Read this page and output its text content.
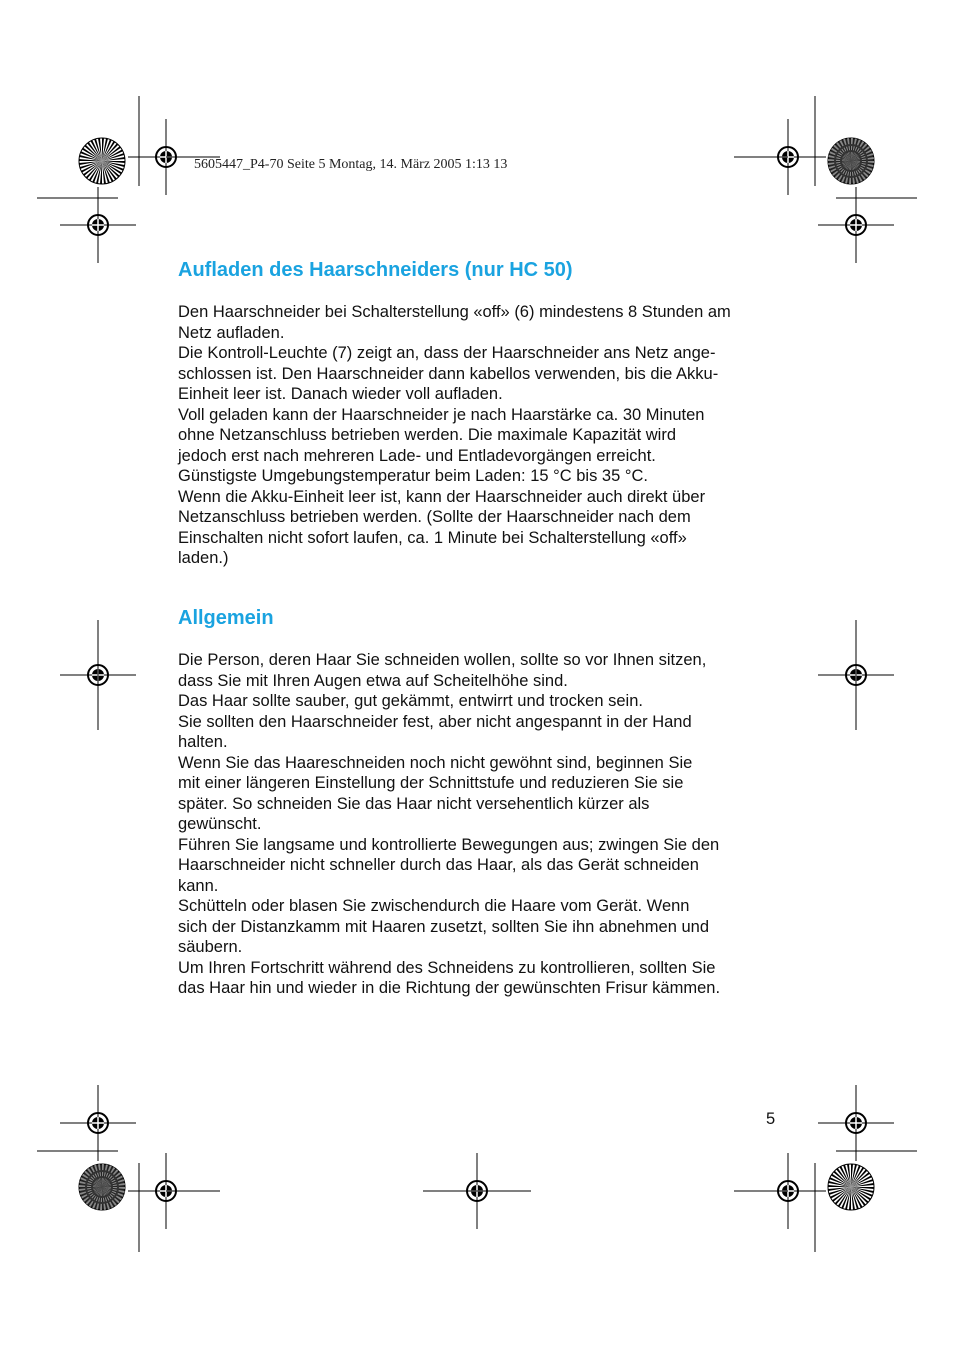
5605447_P4-70 Seite 5 Montag, 14. März 2005 1:13 13
Aufladen des Haarschneiders (nur HC 50)

Den Haarschneider bei Schalterstellung «off» (6) mindestens 8 Stunden am
Netz aufladen.
Die Kontroll-Leuchte (7) zeigt an, dass der Haarschneider ans Netz ange-
schlossen ist. Den Haarschneider dann kabellos verwenden, bis die Akku-
Einheit leer ist. Danach wieder voll aufladen.
Voll geladen kann der Haarschneider je nach Haarstärke ca. 30 Minuten
ohne Netzanschluss betrieben werden. Die maximale Kapazität wird
jedoch erst nach mehreren Lade- und Entladevorgängen erreicht.
Günstigste Umgebungstemperatur beim Laden: 15 °C bis 35 °C.
Wenn die Akku-Einheit leer ist, kann der Haarschneider auch direkt über
Netzanschluss betrieben werden. (Sollte der Haarschneider nach dem
Einschalten nicht sofort laufen, ca. 1 Minute bei Schalterstellung «off»
laden.)

Allgemein

Die Person, deren Haar Sie schneiden wollen, sollte so vor Ihnen sitzen,
dass Sie mit Ihren Augen etwa auf Scheitelhöhe sind.
Das Haar sollte sauber, gut gekämmt, entwirrt und trocken sein.
Sie sollten den Haarschneider fest, aber nicht angespannt in der Hand
halten.
Wenn Sie das Haareschneiden noch nicht gewöhnt sind, beginnen Sie
mit einer längeren Einstellung der Schnittstufe und reduzieren Sie sie
später. So schneiden Sie das Haar nicht versehentlich kürzer als
gewünscht.
Führen Sie langsame und kontrollierte Bewegungen aus; zwingen Sie den
Haarschneider nicht schneller durch das Haar, als das Gerät schneiden
kann.
Schütteln oder blasen Sie zwischendurch die Haare vom Gerät. Wenn
sich der Distanzkamm mit Haaren zusetzt, sollten Sie ihn abnehmen und
säubern.
Um Ihren Fortschritt während des Schneidens zu kontrollieren, sollten Sie
das Haar hin und wieder in die Richtung der gewünschten Frisur kämmen.

5
